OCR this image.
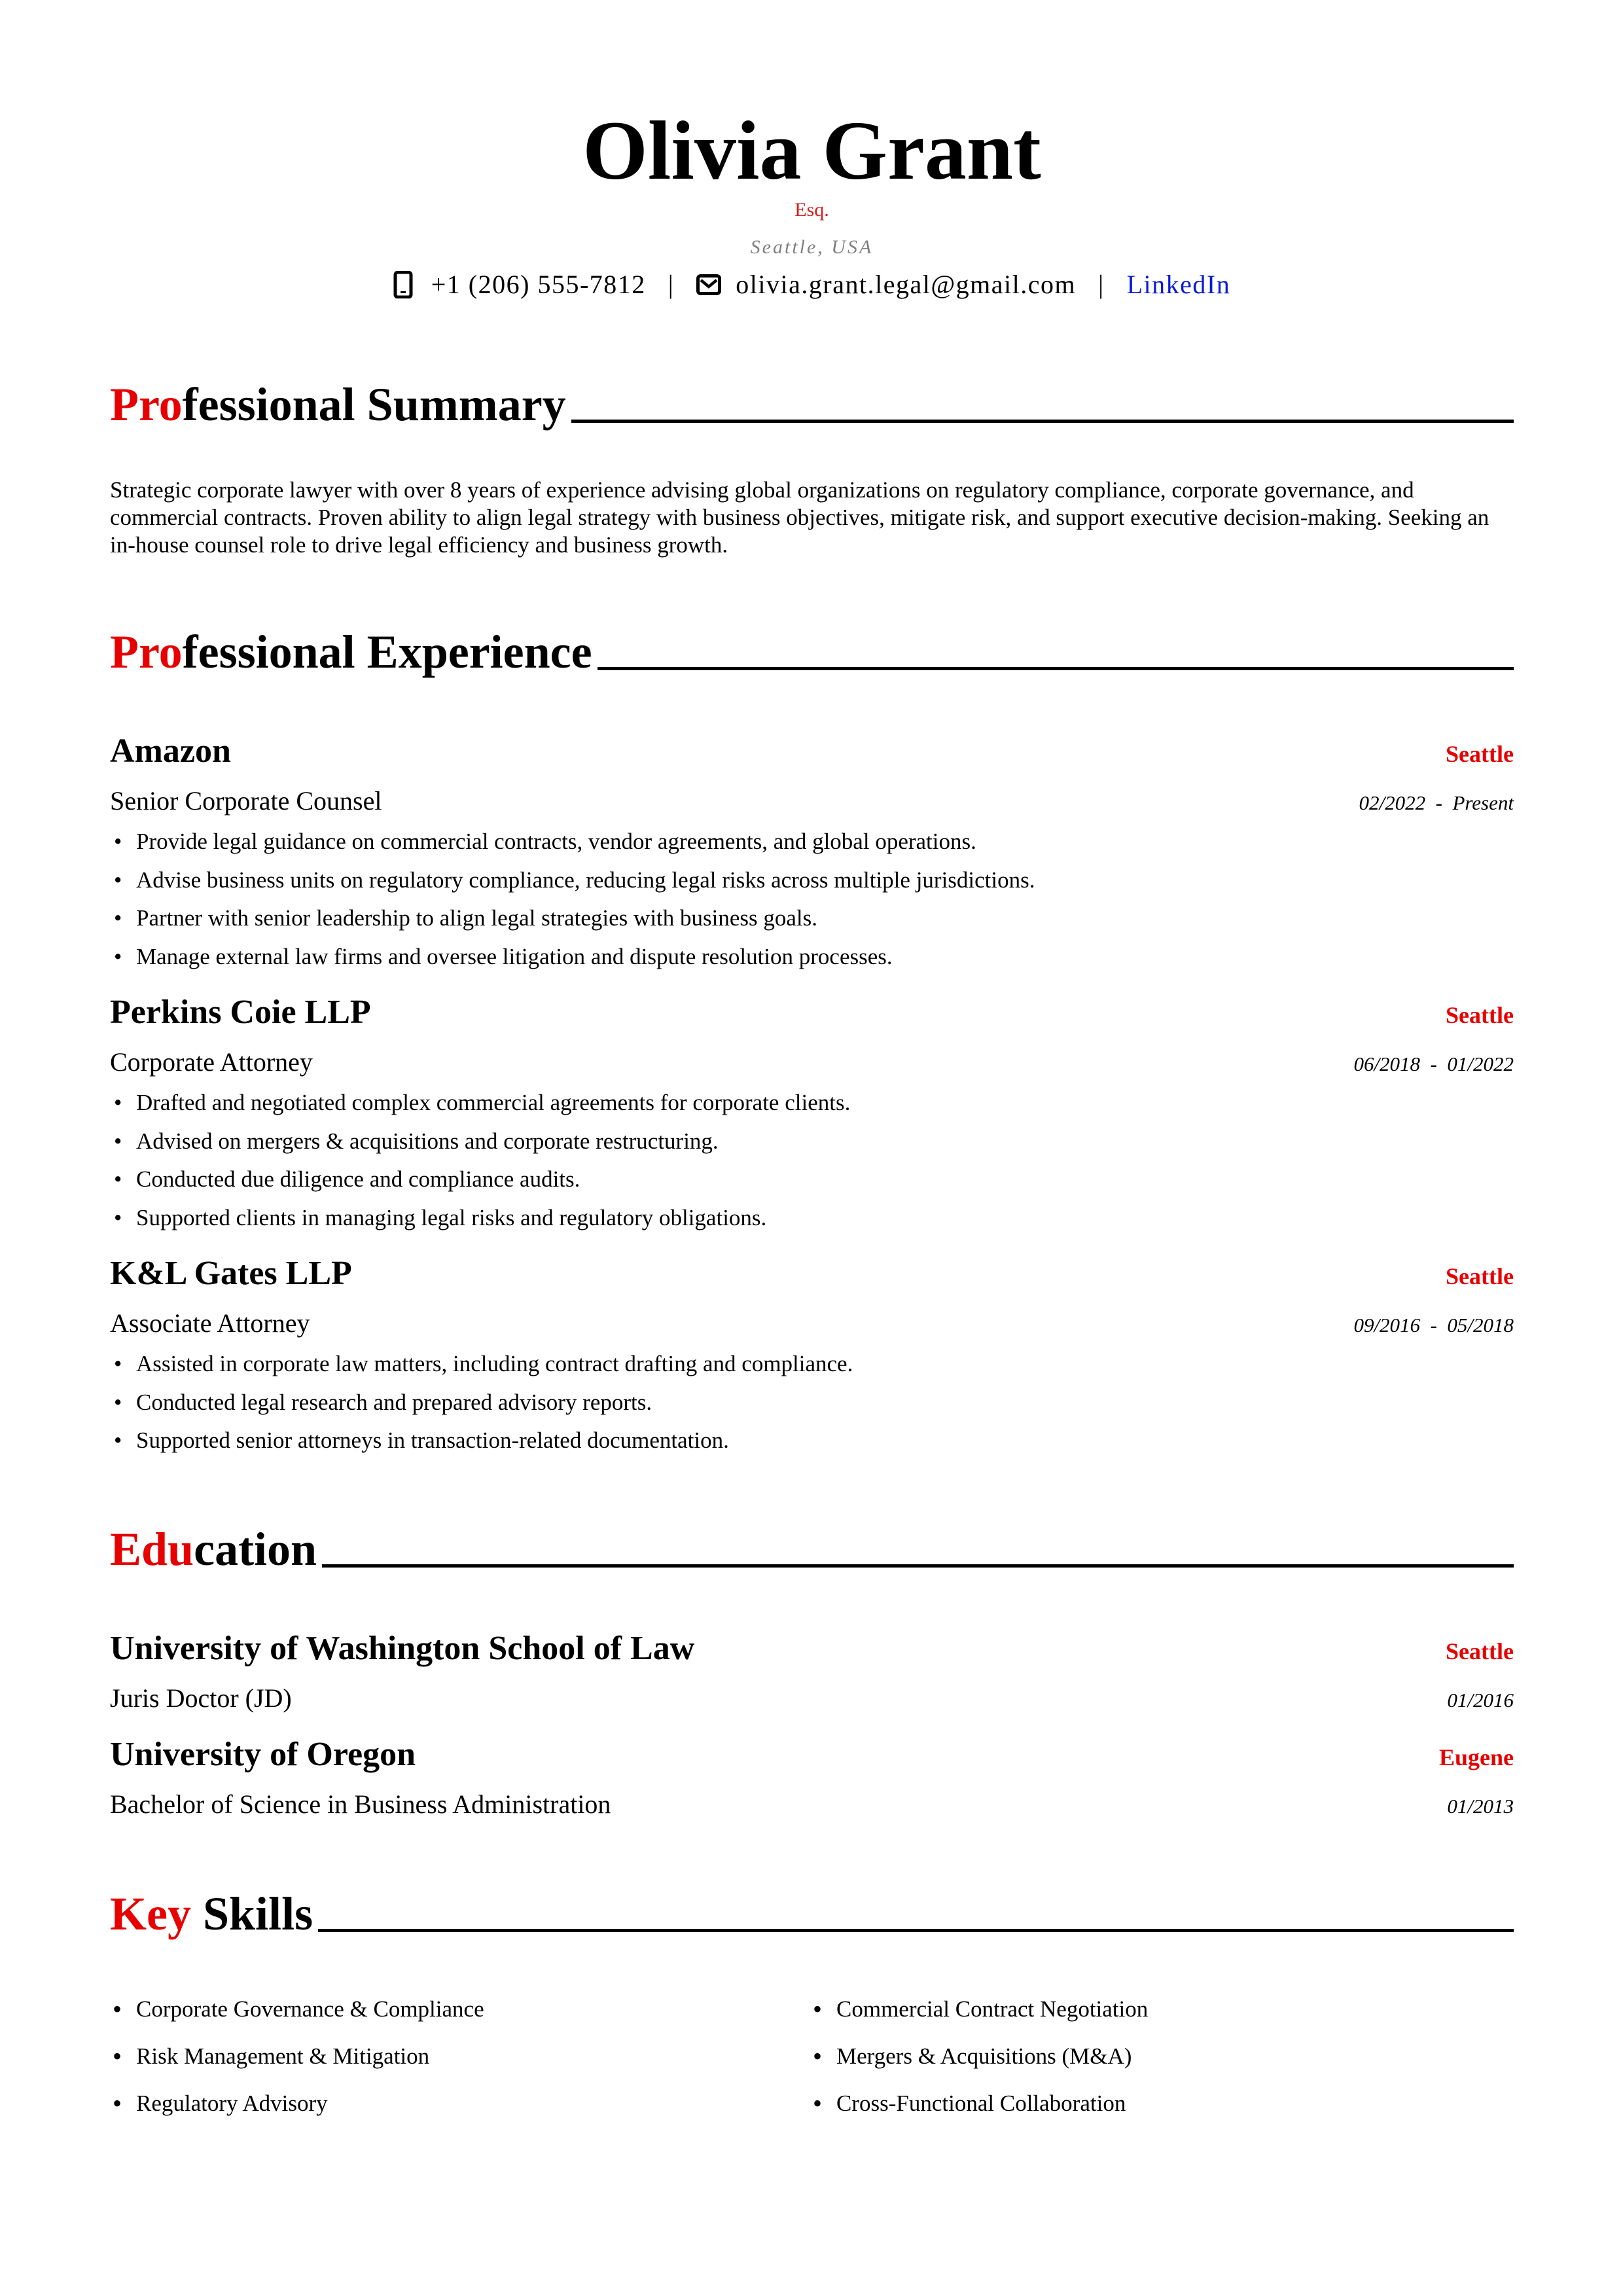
Olivia Grant
Esq.
Seattle, USA
+1 (206) 555-7812 | olivia.grant.legal@gmail.com | LinkedIn
Pro fessional Summary
Strategic corporate lawyer with over 8 years of experience advising global organizations on regulatory compliance, corporate governance, and commercial contracts. Proven ability to align legal strategy with business objectives, mitigate risk, and support executive decision-making. Seeking an in-house counsel role to drive legal efficiency and business growth.
Pro fessional Experience
Amazon	Seattle
Senior Corporate Counsel	02/2022  -  Present
• Provide legal guidance on commercial contracts, vendor agreements, and global operations.
• Advise business units on regulatory compliance, reducing legal risks across multiple jurisdictions.
• Partner with senior leadership to align legal strategies with business goals.
• Manage external law firms and oversee litigation and dispute resolution processes.
Perkins Coie LLP	Seattle
Corporate Attorney	06/2018  -  01/2022
• Drafted and negotiated complex commercial agreements for corporate clients.
• Advised on mergers & acquisitions and corporate restructuring.
• Conducted due diligence and compliance audits.
• Supported clients in managing legal risks and regulatory obligations.
K&L Gates LLP	Seattle
Associate Attorney	09/2016  -  05/2018
• Assisted in corporate law matters, including contract drafting and compliance.
• Conducted legal research and prepared advisory reports.
• Supported senior attorneys in transaction-related documentation.
Edu cation
University of Washington School of Law	Seattle
Juris Doctor (JD)	01/2016
University of Oregon	Eugene
Bachelor of Science in Business Administration	01/2013
Key Skills
• Corporate Governance & Compliance	• Commercial Contract Negotiation
• Risk Management & Mitigation	• Mergers & Acquisitions (M&A)
• Regulatory Advisory	• Cross-Functional Collaboration
